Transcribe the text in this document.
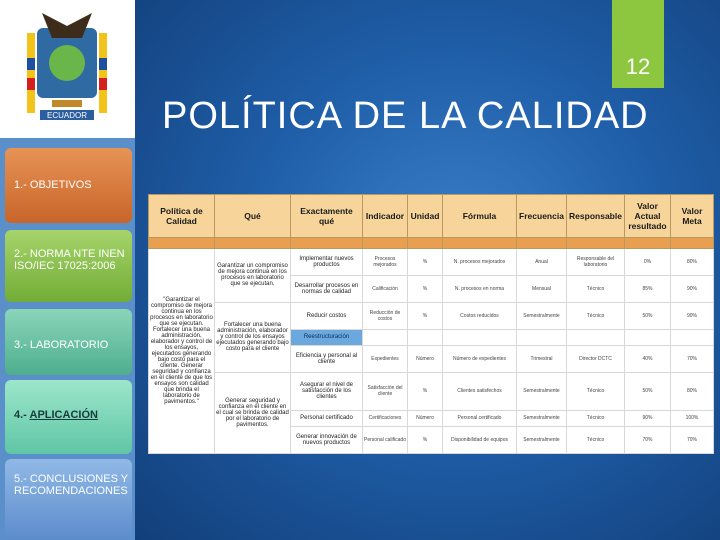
ECUADOR
1.- OBJETIVOS
2.- NORMA NTE INEN ISO/IEC 17025:2006
3.- LABORATORIO
4.- APLICACIÓN
5.- CONCLUSIONES Y RECOMENDACIONES
12
POLÍTICA DE LA CALIDAD
Política de Calidad	Qué	Exactamente qué	Indicador	Unidad	Fórmula	Frecuencia	Responsable	Valor Actual resultado	Valor Meta

"Garantizar el compromiso de mejora continua en los procesos en laboratorio que se ejecutan. Fortalecer una buena administración, elaborador y control de los ensayos, ejecutados generando bajo costo para el cliente. Generar seguridad y confianza en el cliente de que los ensayos son calidad que brinda el laboratorio de pavimentos."	Garantizar un compromiso de mejora continua en los procesos en laboratorio que se ejecutan.	Implementar nuevos productos	Procesos mejorados	%	N. procesos mejorados	Anual	Responsable del laboratorio	0%	80%
		Desarrollar procesos en normas de calidad	Calificación	%	N. procesos en norma	Mensual	Técnico	85%	90%
	Fortalecer una buena administración, elaborador y control de los ensayos ejecutados generando bajo costo para el cliente	Reducir costos	Reducción de costos	%	Costos reducidos	Semestralmente	Técnico	50%	90%
		Reestructuración							
		Eficiencia y personal al cliente	Expedientes	Número	Número de expedientes	Trimestral	Director DCTC	40%	70%
	Generar seguridad y confianza en el cliente en el cual se brinda de calidad por el laboratorio de pavimentos.	Asegurar el nivel de satisfacción de los clientes	Satisfacción del cliente	%	Clientes satisfechos	Semestralmente	Técnico	50%	80%
		Personal certificado	Certificaciones	Número	Personal certificado	Semestralmente	Técnico	90%	100%
		Generar innovación de nuevos productos	Personal calificado	%	Disponibilidad de equipos	Semestralmente	Técnico	70%	70%
